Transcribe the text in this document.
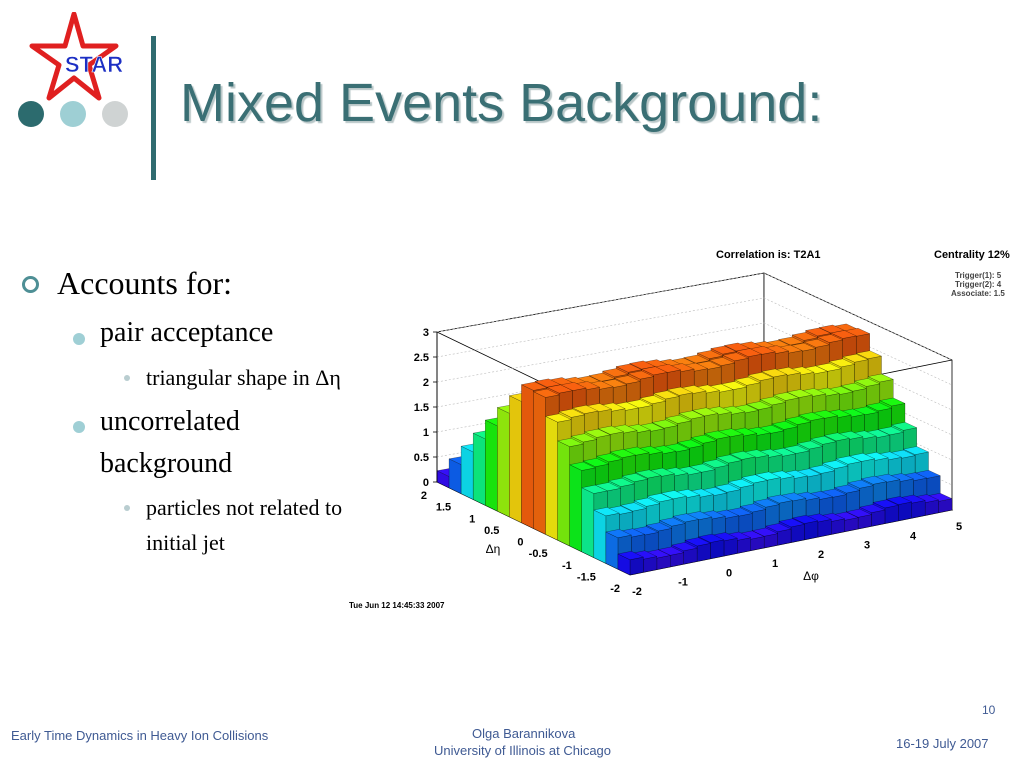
STAR
Mixed Events Background:
Accounts for:
pair acceptance
triangular shape in Δη
uncorrelated
background
particles not related to
initial jet
Correlation is: T2A1	Centrality 12%
Trigger(1): 5
Trigger(2): 4
Associate: 1.5
Tue Jun 12 14:45:33 2007
0
0.5
1
1.5
2
2.5
3
2
1.5
1
0.5
0
-0.5
-1
-1.5
-2
Δη
-2
-1
0
1
2
3
4
5
Δφ
Early Time Dynamics in Heavy Ion Collisions	Olga Barannikova
University of Illinois at Chicago	16-19 July 2007
10
